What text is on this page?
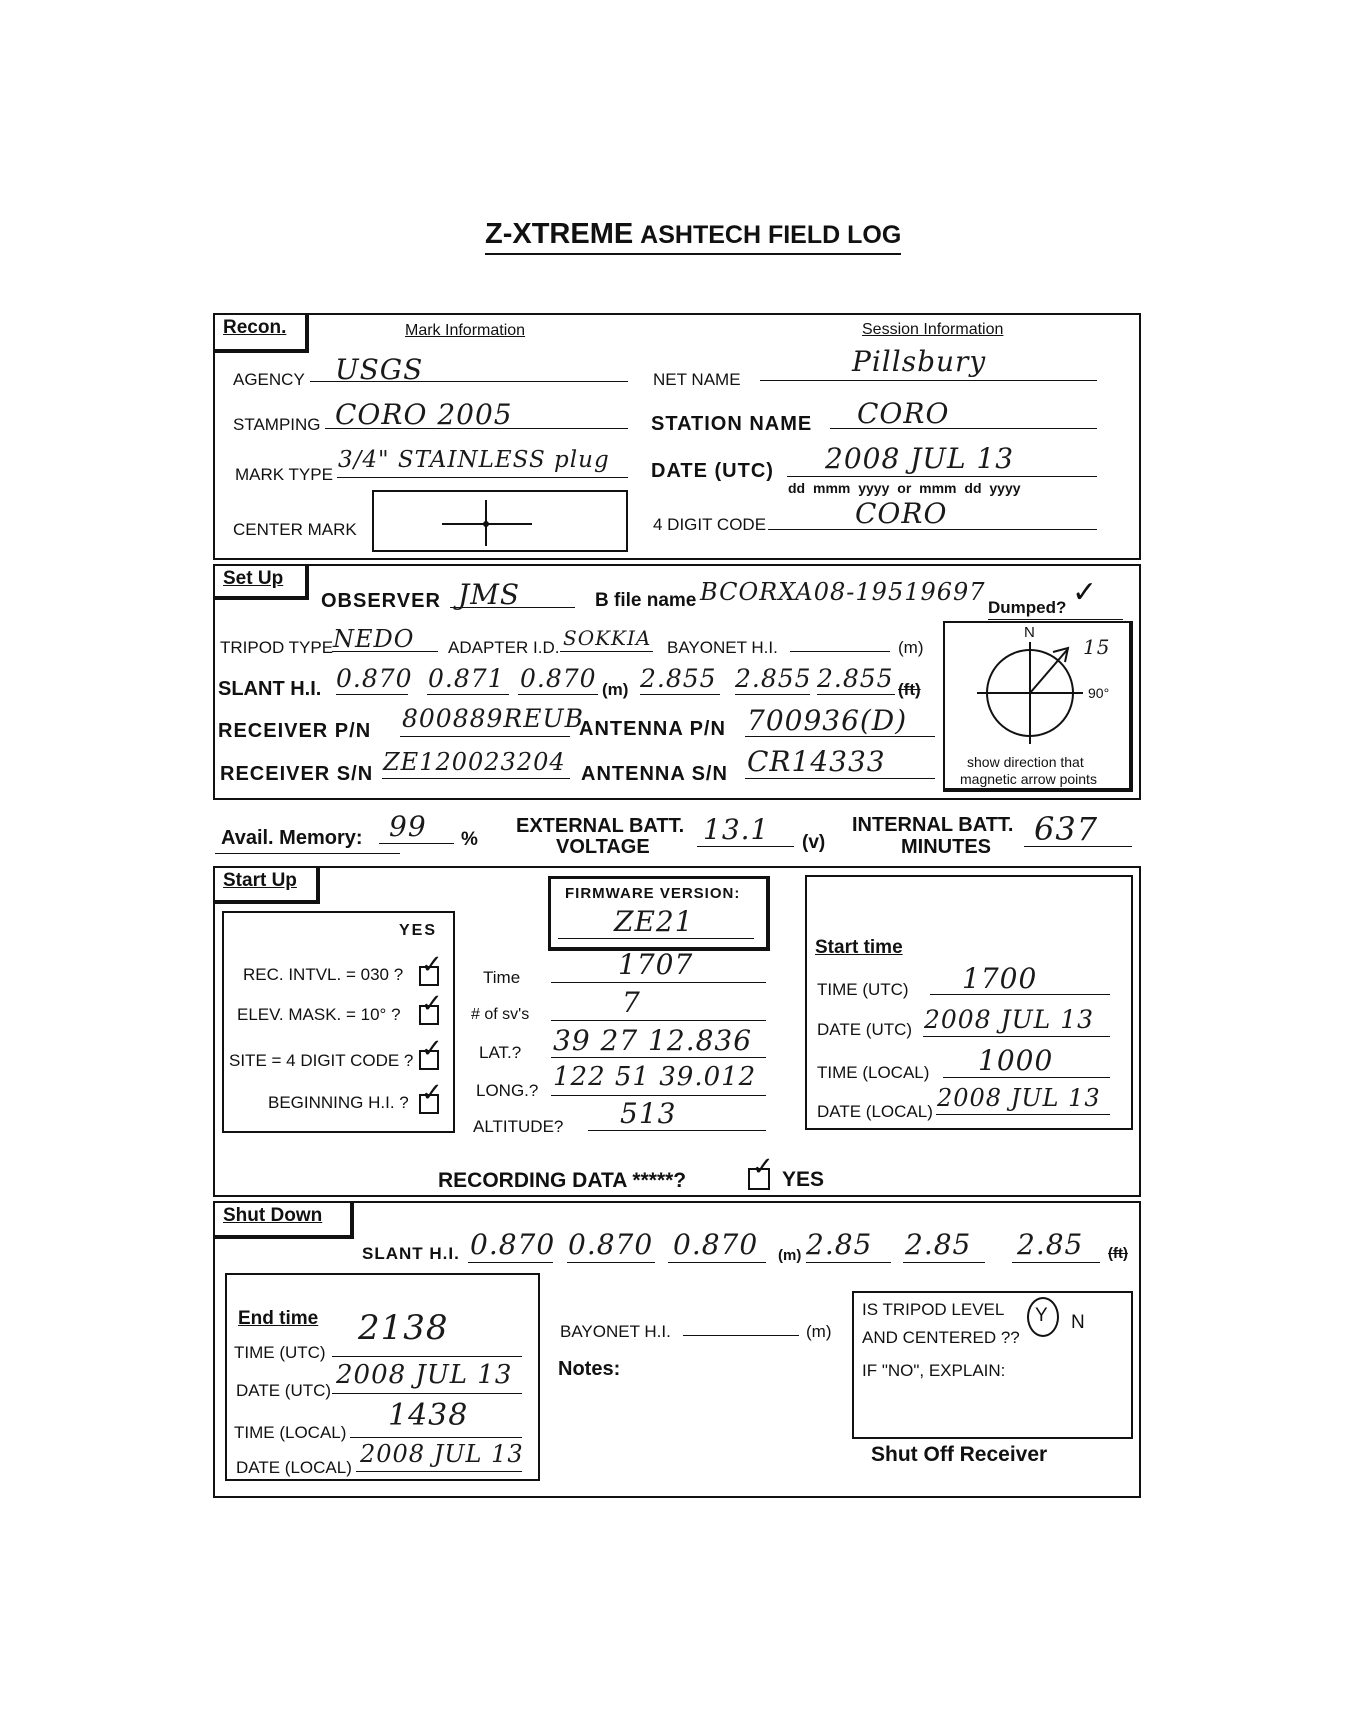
Z-XTREME ASHTECH FIELD LOG
Recon.	Mark Information	Session Information
AGENCY USGS
STAMPING CORO 2005
MARK TYPE
3/4" STAINLESS plug
CENTER MARK
NET NAME
Pillsbury
STATION NAME CORO
DATE (UTC) 2008 JUL 13
dd mmm yyyy or mmm dd yyyy
4 DIGIT CODE	CORO
Set Up
OBSERVER JMS	B file name BCORXA08-19519697
Dumped? ✓
TRIPOD TYPE NEDO ADAPTER I.D. SOKKIA BAYONET H.I.	(m)
SLANT H.I. 0.870 0.871 0.870 (m) 2.855 2.855 2.855 (ft)
RECEIVER P/N 800889REUB
ANTENNA P/N 700936(D)
RECEIVER S/N ZE120023204 ANTENNA S/N CR14333
N
15
90°
show direction that
magnetic arrow points
Avail. Memory: 99 %
EXTERNAL BATT.
VOLTAGE
13.1 (v)
INTERNAL BATT.
MINUTES 637
Start Up
YES
REC. INTVL. = 030 ? ✓
ELEV. MASK. = 10° ? ✓
SITE = 4 DIGIT CODE ? ✓
BEGINNING H.I. ? ✓
Time	1707
# of sv's	7
LAT.? 39 27 12.836
LONG.? 122 51 39.012
ALTITUDE? 513
FIRMWARE VERSION:
ZE21
Start time
TIME (UTC) 1700
DATE (UTC) 2008 JUL 13
TIME (LOCAL) 1000
DATE (LOCAL) 2008 JUL 13
RECORDING DATA *****?	✓ YES
Shut Down
SLANT H.I. 0.870 0.870 0.870 (m) 2.85 2.85 2.85 (ft)
End time
TIME (UTC)
2138
DATE (UTC)
2008 JUL 13
TIME (LOCAL) 1438
DATE (LOCAL) 2008 JUL 13
BAYONET H.I.	(m)
Notes:
IS TRIPOD LEVEL
AND CENTERED ??
Y N
IF "NO", EXPLAIN:
Shut Off Receiver
